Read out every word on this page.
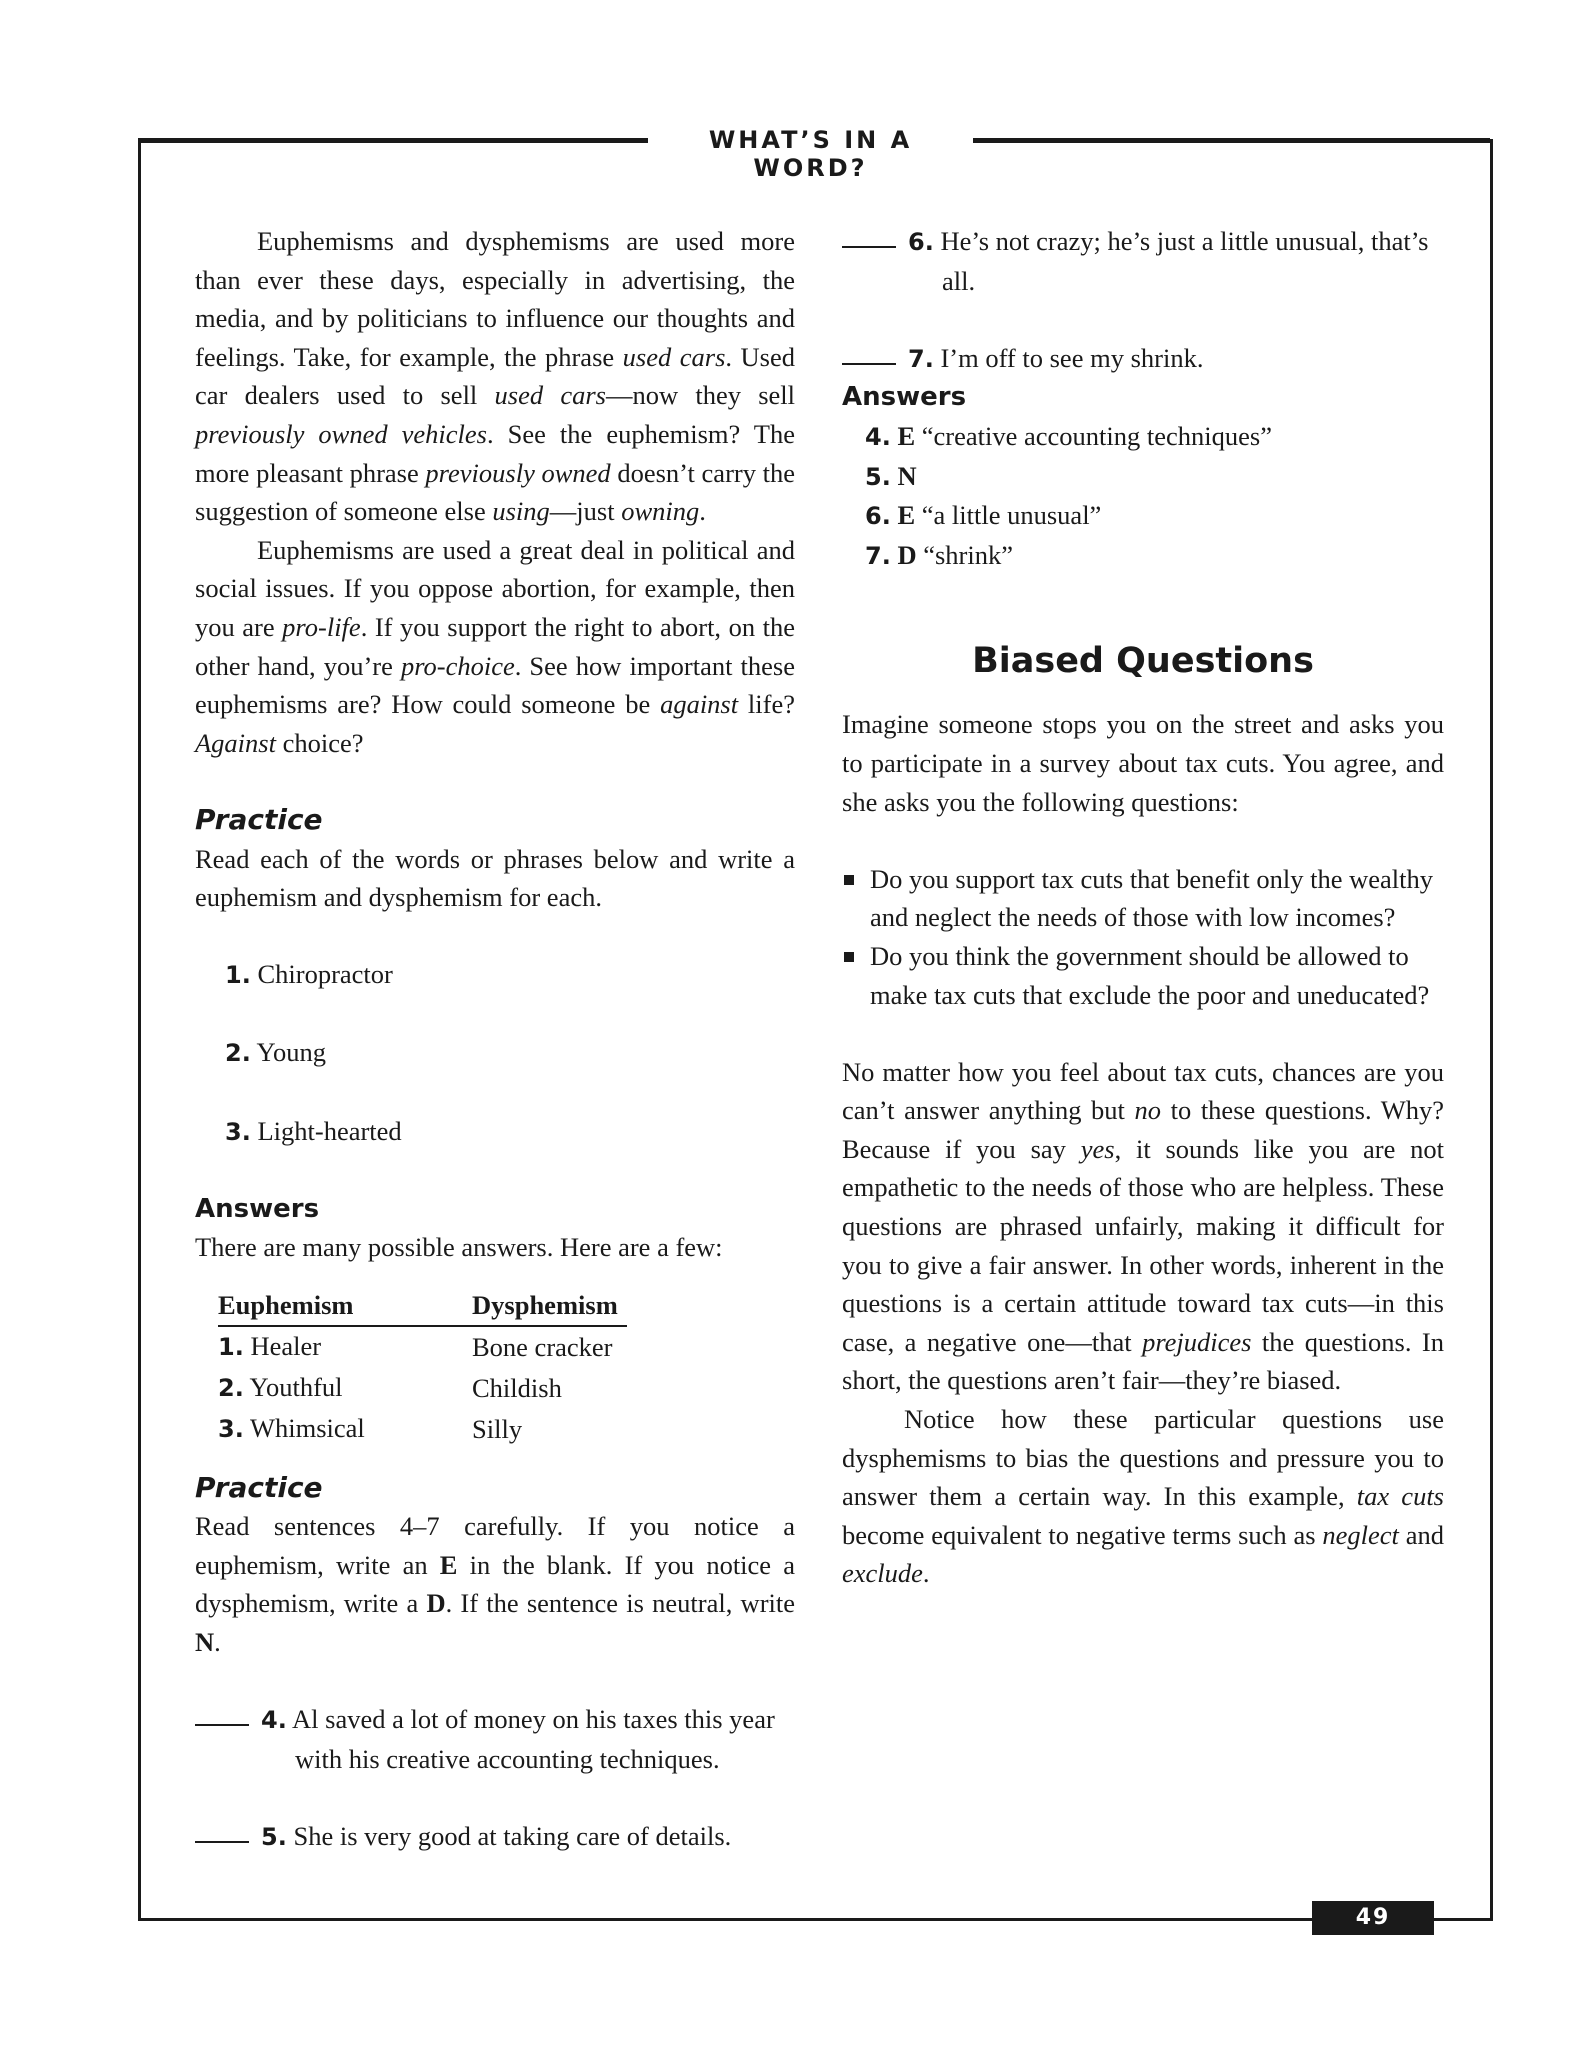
WHAT’S IN A WORD?
49

Euphemisms and dysphemisms are used more than ever these days, especially in advertising, the media, and by politicians to influence our thoughts and feelings. Take, for example, the phrase used cars. Used car dealers used to sell used cars—now they sell previously owned vehicles. See the euphemism? The more pleasant phrase previously owned doesn’t carry the suggestion of someone else using—just owning.

Euphemisms are used a great deal in political and social issues. If you oppose abortion, for example, then you are pro-life. If you support the right to abort, on the other hand, you’re pro-choice. See how important these euphemisms are? How could someone be against life? Against choice?

Practice

Read each of the words or phrases below and write a euphemism and dysphemism for each.

1. Chiropractor
2. Young
3. Light-hearted
Answers

There are many possible answers. Here are a few:

Euphemism	Dysphemism
1. Healer	Bone cracker
2. Youthful	Childish
3. Whimsical	Silly
Practice

Read sentences 4–7 carefully. If you notice a euphemism, write an E in the blank. If you notice a dysphemism, write a D. If the sentence is neutral, write N.

4. Al saved a lot of money on his taxes this year with his creative accounting techniques.
5. She is very good at taking care of details.
6. He’s not crazy; he’s just a little unusual, that’s all.
7. I’m off to see my shrink.
Answers
4. E “creative accounting techniques”
5. N
6. E “a little unusual”
7. D “shrink”
Biased Questions

Imagine someone stops you on the street and asks you to participate in a survey about tax cuts. You agree, and she asks you the following questions:

Do you support tax cuts that benefit only the wealthy and neglect the needs of those with low incomes?
Do you think the government should be allowed to make tax cuts that exclude the poor and uneducated?

No matter how you feel about tax cuts, chances are you can’t answer anything but no to these questions. Why? Because if you say yes, it sounds like you are not empathetic to the needs of those who are helpless. These questions are phrased unfairly, making it difficult for you to give a fair answer. In other words, inherent in the questions is a certain attitude toward tax cuts—in this case, a negative one—that prejudices the questions. In short, the questions aren’t fair—they’re biased.

Notice how these particular questions use dysphemisms to bias the questions and pressure you to answer them a certain way. In this example, tax cuts become equivalent to negative terms such as neglect and exclude.
